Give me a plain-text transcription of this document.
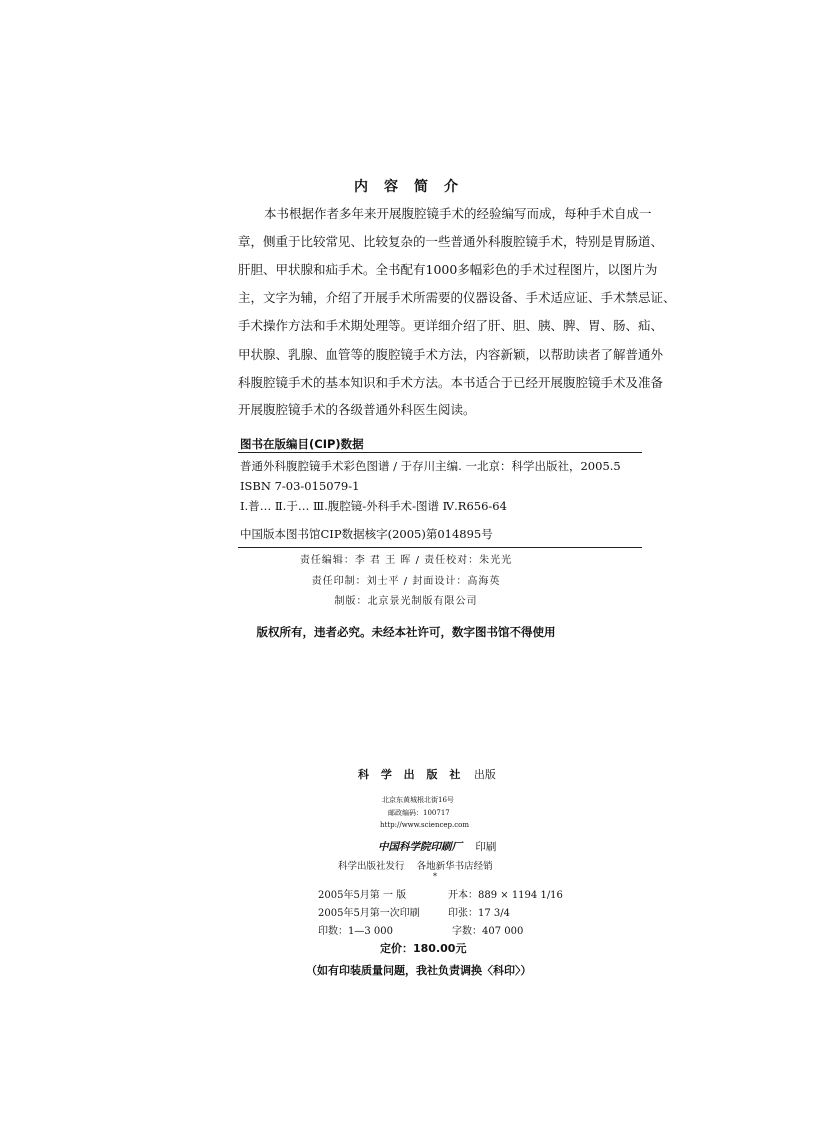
内容简介
本书根据作者多年来开展腹腔镜手术的经验编写而成，每种手术自成一
章，侧重于比较常见、比较复杂的一些普通外科腹腔镜手术，特别是胃肠道、
肝胆、甲状腺和疝手术。全书配有1000多幅彩色的手术过程图片，以图片为
主，文字为辅，介绍了开展手术所需要的仪器设备、手术适应证、手术禁忌证、
手术操作方法和手术期处理等。更详细介绍了肝、胆、胰、脾、胃、肠、疝、
甲状腺、乳腺、血管等的腹腔镜手术方法，内容新颖，以帮助读者了解普通外
科腹腔镜手术的基本知识和手术方法。本书适合于已经开展腹腔镜手术及准备
开展腹腔镜手术的各级普通外科医生阅读。
图书在版编目(CIP)数据
普通外科腹腔镜手术彩色图谱 / 于存川主编. 一北京：科学出版社，2005.5
ISBN 7-03-015079-1
Ⅰ.普… Ⅱ.于… Ⅲ.腹腔镜-外科手术-图谱 Ⅳ.R656-64
中国版本图书馆CIP数据核字(2005)第014895号
责任编辑：李 君 王 晖 / 责任校对：朱光光
责任印制：刘士平 / 封面设计：高海英
制版：北京景光制版有限公司
版权所有，违者必究。未经本社许可，数字图书馆不得使用
科 学 出 版 社 出版
北京东黄城根北街16号
邮政编码：100717
http://www.sciencep.com
中国科学院印刷厂 印刷
科学出版社发行    各地新华书店经销
*
2005年5月第 一 版	开本：889 × 1194 1/16
2005年5月第一次印刷	印张：17 3/4
印数：1—3 000	字数：407 000
定价：180.00元
（如有印装质量问题，我社负责调换〈科印〉）
